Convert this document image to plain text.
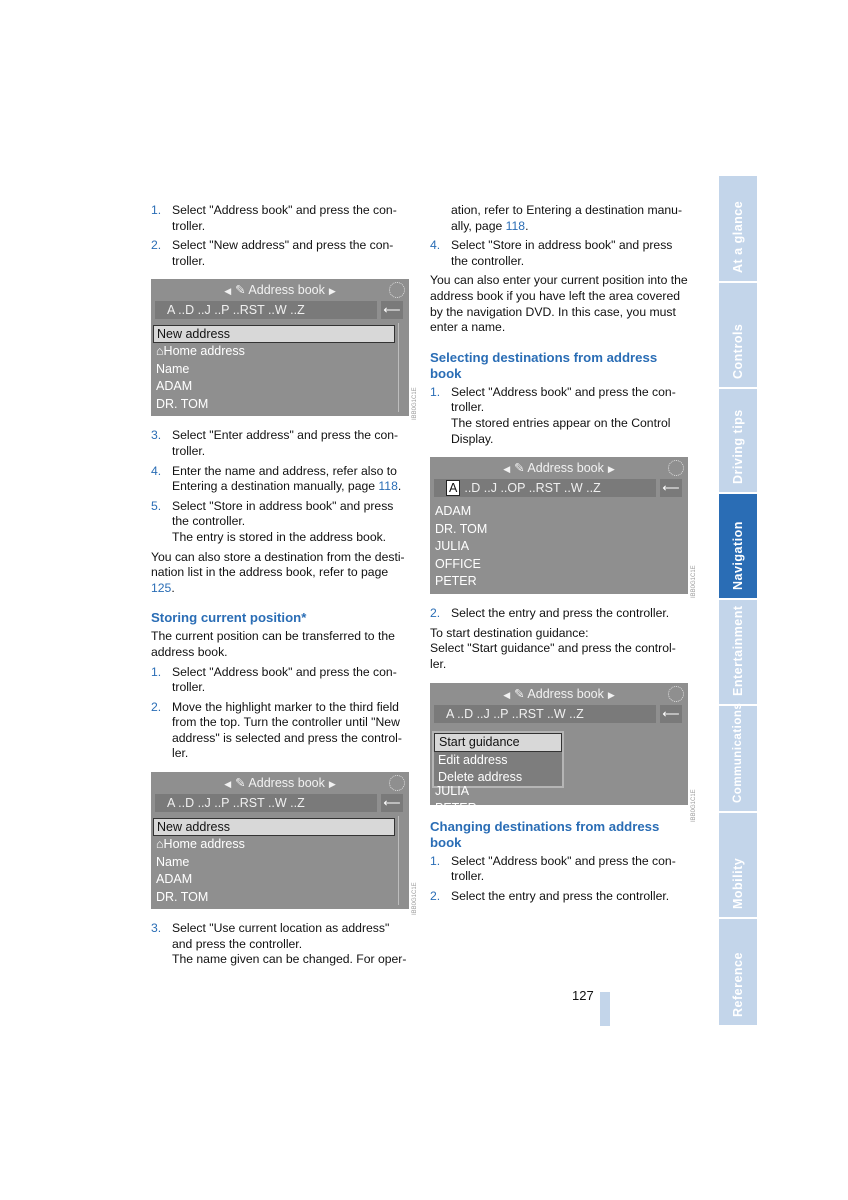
1. Select "Address book" and press the con-troller.
2. Select "New address" and press the con-troller.
◀ ✎ Address book ▶
A ..D ..J ..P ..RST ..W ..Z	⟵
New address
⌂Home address
Name
ADAM
DR. TOM
3. Select "Enter address" and press the con-troller.
4. Enter the name and address, refer also to Entering a destination manually, page 118.
5. Select "Store in address book" and press the controller.
The entry is stored in the address book.

You can also store a destination from the desti-nation list in the address book, refer to page 125.

Storing current position*

The current position can be transferred to the address book.

1. Select "Address book" and press the con-troller.
2. Move the highlight marker to the third field from the top. Turn the controller until "New address" is selected and press the control-ler.
◀ ✎ Address book ▶
A ..D ..J ..P ..RST ..W ..Z	⟵
New address
⌂Home address
Name
ADAM
DR. TOM
3. Select "Use current location as address" and press the controller.
The name given can be changed. For oper-
ation, refer to Entering a destination manu-ally, page 118.
4. Select "Store in address book" and press the controller.

You can also enter your current position into the address book if you have left the area covered by the navigation DVD. In this case, you must enter a name.

Selecting destinations from address book
1. Select "Address book" and press the con-troller.
The stored entries appear on the Control Display.
◀ ✎ Address book ▶
A ..D ..J ..OP ..RST ..W ..Z	⟵
ADAM
DR. TOM
JULIA
OFFICE
PETER
2. Select the entry and press the controller.

To start destination guidance:

Select "Start guidance" and press the control-ler.

◀ ✎ Address book ▶
A ..D ..J ..P ..RST ..W ..Z	⟵
Start guidance
Edit address
Delete address
JULIA
PETER
Changing destinations from address book
1. Select "Address book" and press the con-troller.
2. Select the entry and press the controller.
IBB0G1C1E
IBB0G1C1E
IBB0G1C1E
IBB0G1C1E
At a glance
Controls
Driving tips
Navigation
Entertainment
Communications
Mobility
Reference
127
